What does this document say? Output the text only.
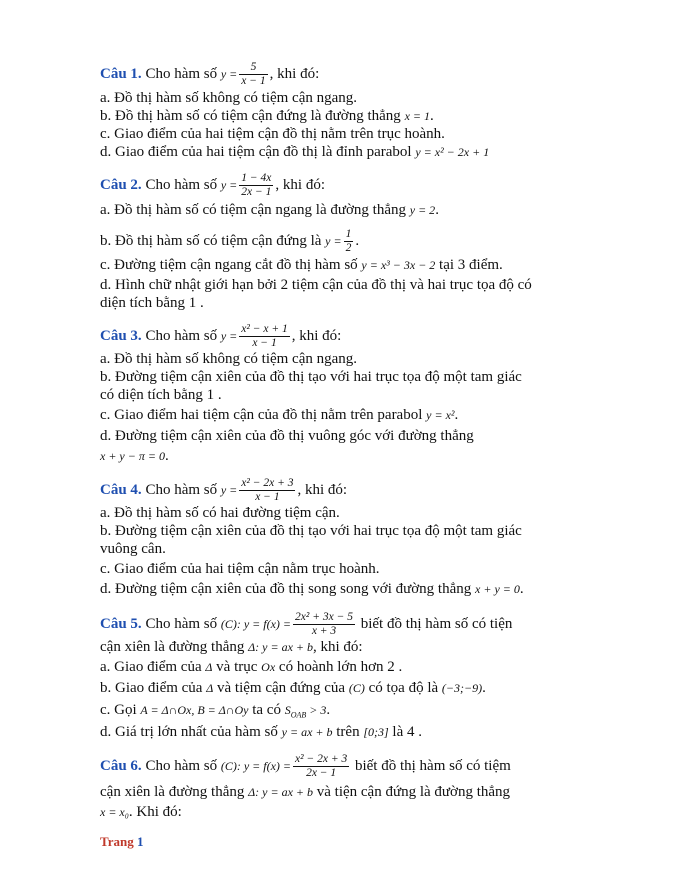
Câu 1. Cho hàm số $y = \frac{5}{x - 1}$ , khi đó:
a. Đồ thị hàm số không có tiệm cận ngang.
b. Đồ thị hàm số có tiệm cận đứng là đường thẳng x = 1.
c. Giao điểm của hai tiệm cận đồ thị nằm trên trục hoành.
d. Giao điểm của hai tiệm cận đồ thị là đỉnh parabol y = x² − 2x + 1
Câu 2. Cho hàm số $y = \frac{1 - 4x}{2x - 1}$ , khi đó:
a. Đồ thị hàm số có tiệm cận ngang là đường thẳng y = 2.
b. Đồ thị hàm số có tiệm cận đứng là $y = \frac{1}{2}$ .
c. Đường tiệm cận ngang cắt đồ thị hàm số y = x³ − 3x − 2 tại 3 điểm.
d. Hình chữ nhật giới hạn bởi 2 tiệm cận của đồ thị và hai trục tọa độ có
diện tích bằng 1 .
Câu 3. Cho hàm số $y = \frac{\text{x² − x + 1}}{x - 1}$ , khi đó:
a. Đồ thị hàm số không có tiệm cận ngang.
b. Đường tiệm cận xiên của đồ thị tạo với hai trục tọa độ một tam giác
có diện tích bằng 1 .
c. Giao điểm hai tiệm cận của đồ thị nằm trên parabol y = x².
d. Đường tiệm cận xiên của đồ thị vuông góc với đường thẳng
x + y − π = 0.
Câu 4. Cho hàm số $y = \frac{\text{x² − 2x + 3}}{x - 1}$ , khi đó:
a. Đồ thị hàm số có hai đường tiệm cận.
b. Đường tiệm cận xiên của đồ thị tạo với hai trục tọa độ một tam giác
vuông cân.
c. Giao điểm của hai tiệm cận nằm trục hoành.
d. Đường tiệm cận xiên của đồ thị song song với đường thẳng x + y = 0.
Câu 5. Cho hàm số (C): $y = f(x) = \frac{\text{2x² + 3x − 5}}{x + 3}$ biết đồ thị hàm số có tiện
cận xiên là đường thẳng Δ: y = ax + b, khi đó:
a. Giao điểm của Δ và trục Ox có hoành lớn hơn 2 .
b. Giao điểm của Δ và tiệm cận đứng của (C) có tọa độ là (−3;−9).
c. Gọi A = Δ∩Ox, B = Δ∩Oy ta có $S_{OAB} > 3$.
d. Giá trị lớn nhất của hàm số y = ax + b trên [0;3] là 4 .
Câu 6. Cho hàm số (C): $y = f(x) = \frac{\text{x² − 2x + 3}}{2x - 1}$ biết đồ thị hàm số có tiệm
cận xiên là đường thẳng Δ: y = ax + b và tiện cận đứng là đường thẳng
x = x₀. Khi đó:
Trang 1
